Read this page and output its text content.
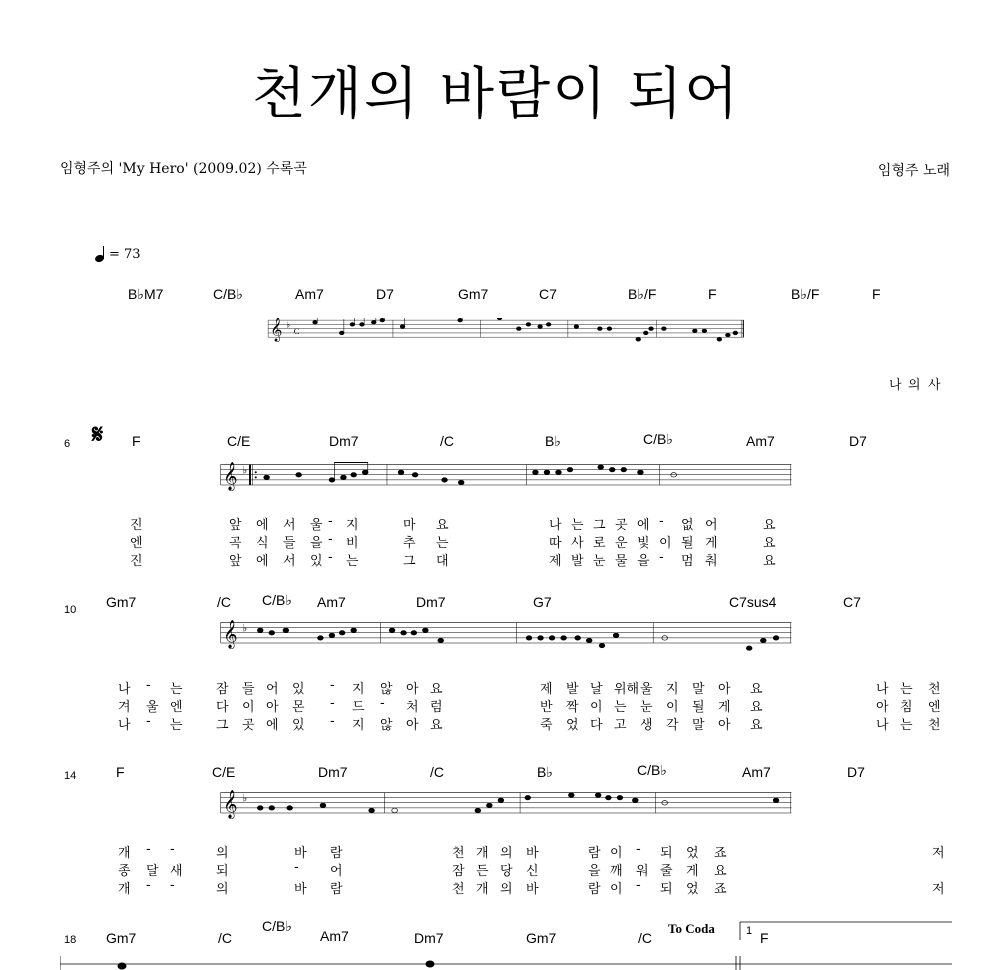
천개의 바람이 되어
임형주의 'My Hero' (2009.02) 수록곡	임형주 노래
= 73
𝄋
B♭M7	C/B♭	Am7	D7	Gm7	C7	B♭/F	F	B♭/F	F
𝄞 ♭
C
나 의 사
6	F	C/E	Dm7	/C	B♭	C/B♭	Am7	D7
𝄞 ♭
진	앞 에 서 울 - 지	마 요	나 는 그 곳 에 - 없 어	요
엔	곡 식 들 을 - 비	추 는	따 사 로 운 빛 이 될 게	요
진	앞 에 서 있 - 는	그 대	제 발 눈 물 을 - 멈 춰	요
10 Gm7	/C C/B♭ Am7	Dm7	G7	C7sus4	C7
𝄞 ♭
나 - 는	잠 들 어 있 - 지 않 아 요	제 발 날 위해 울 지 말 아 요	나 는 천
겨 울 엔	다 이 아 몬 - 드 - 처 럼	반 짝 이 는 눈 이 될 게 요	아 침 엔
나 - 는	그 곳 에 있 - 지 않 아 요	죽 었 다 고 생 각 말 아 요	나 는 천
14	F	C/E	Dm7	/C	B♭	C/B♭	Am7	D7
𝄞 ♭
개 - -	의	바 람	천 개 의 바	람 이 - 되 었 죠	저
종 달 새	되	- 어	잠 든 당 신	을 깨 워 줄 게 요
개 - -	의	바 람	천 개 의 바	람 이 - 되 었 죠	저
18 Gm7	/C
C/B♭
Am7	Dm7	Gm7	/C	F
To Coda	1
